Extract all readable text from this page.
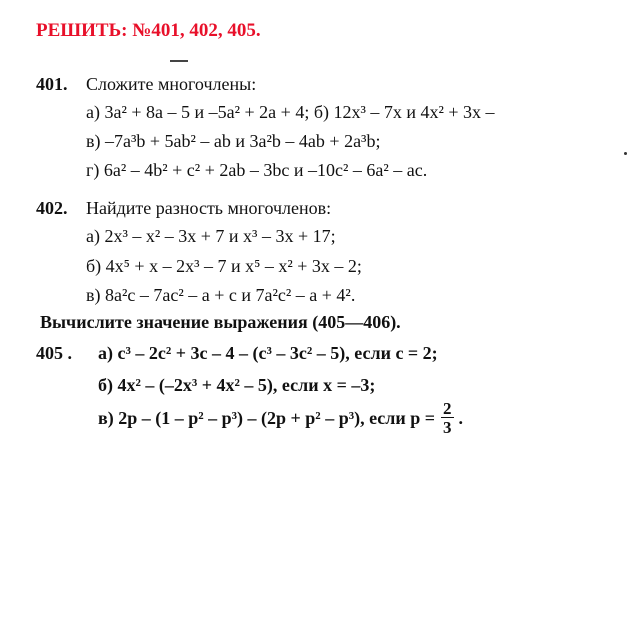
РЕШИТЬ: №401, 402, 405.
401. Сложите многочлены:
а) 3a² + 8a – 5 и –5a² + 2a + 4; б) 12x³ – 7x и 4x² + 3x –
в) –7a³b + 5ab² – ab и 3a²b – 4ab + 2a³b;
г) 6a² – 4b² + c² + 2ab – 3bc и –10c² – 6a² – ac.
402. Найдите разность многочленов:
а) 2x³ – x² – 3x + 7 и x³ – 3x + 17;
б) 4x⁵ + x – 2x³ – 7 и x⁵ – x² + 3x – 2;
в) 8a²c – 7ac² – a + c и 7a²c² – a + 4².
Вычислите значение выражения (405—406).
405 . а) c³ – 2c² + 3c – 4 – (c³ – 3c² – 5), если c = 2;
б) 4x² – (–2x³ + 4x² – 5), если x = –3;
в) 2p – (1 – p² – p³) – (2p + p² – p³), если $p = \frac{2}{3}$ .
